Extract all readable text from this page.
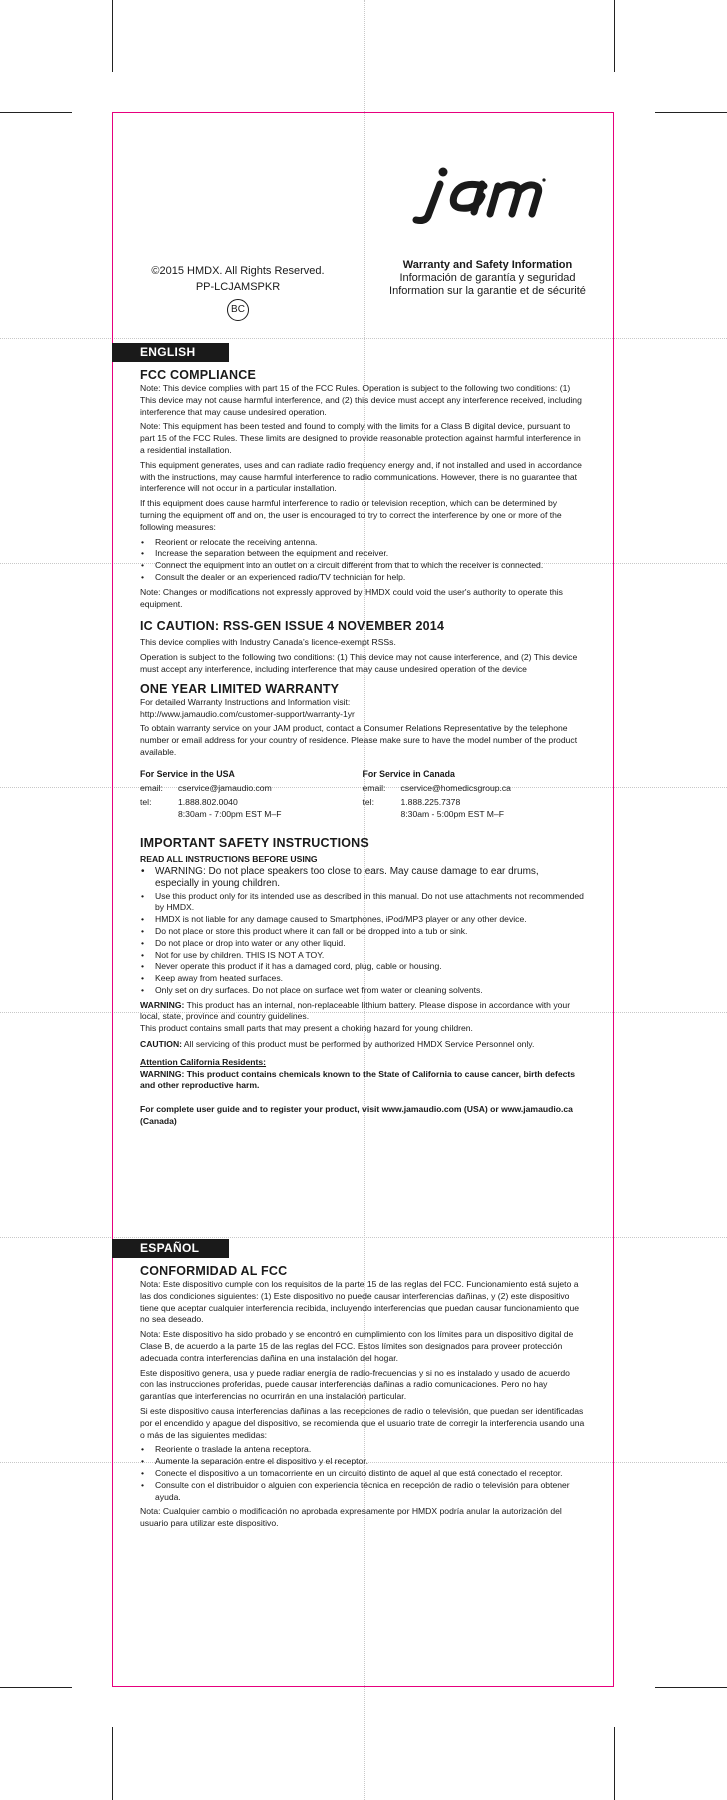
©2015 HMDX. All Rights Reserved.
PP-LCJAMSPKR
BC
Warranty and Safety Information
Información de garantía y seguridad
Information sur la garantie et de sécurité
ENGLISH
FCC COMPLIANCE

Note: This device complies with part 15 of the FCC Rules. Operation is subject to the following two conditions: (1) This device may not cause harmful interference, and (2) this device must accept any interference received, including interference that may cause undesired operation.

Note: This equipment has been tested and found to comply with the limits for a Class B digital device, pursuant to part 15 of the FCC Rules. These limits are designed to provide reasonable protection against harmful interference in a residential installation.

This equipment generates, uses and can radiate radio frequency energy and, if not installed and used in accordance with the instructions, may cause harmful interference to radio communications. However, there is no guarantee that interference will not occur in a particular installation.

If this equipment does cause harmful interference to radio or television reception, which can be determined by turning the equipment off and on, the user is encouraged to try to correct the interference by one or more of the following measures:

• Reorient or relocate the receiving antenna.
• Increase the separation between the equipment and receiver.
• Connect the equipment into an outlet on a circuit different from that to which the receiver is connected.
• Consult the dealer or an experienced radio/TV technician for help.

Note: Changes or modifications not expressly approved by HMDX could void the user's authority to operate this equipment.

IC CAUTION: RSS-GEN ISSUE 4 NOVEMBER 2014

This device complies with Industry Canada’s licence-exempt RSSs.

Operation is subject to the following two conditions: (1) This device may not cause interference, and (2) This device must accept any interference, including interference that may cause undesired operation of the device

ONE YEAR LIMITED WARRANTY

For detailed Warranty Instructions and Information visit:

http://www.jamaudio.com/customer-support/warranty-1yr

To obtain warranty service on your JAM product, contact a Consumer Relations Representative by the telephone number or email address for your country of residence. Please make sure to have the model number of the product available.

For Service in the USA
email:	cservice@jamaudio.com
tel:	1.888.802.0040
8:30am - 7:00pm EST M–F
For Service in Canada
email:	cservice@homedicsgroup.ca
tel:	1.888.225.7378
8:30am - 5:00pm EST M–F
IMPORTANT SAFETY INSTRUCTIONS

READ ALL INSTRUCTIONS BEFORE USING

• WARNING: Do not place speakers too close to ears. May cause damage to ear drums, especially in young children.
• Use this product only for its intended use as described in this manual. Do not use attachments not recommended by HMDX.
• HMDX is not liable for any damage caused to Smartphones, iPod/MP3 player or any other device.
• Do not place or store this product where it can fall or be dropped into a tub or sink.
• Do not place or drop into water or any other liquid.
• Not for use by children. THIS IS NOT A TOY.
• Never operate this product if it has a damaged cord, plug, cable or housing.
• Keep away from heated surfaces.
• Only set on dry surfaces. Do not place on surface wet from water or cleaning solvents.

WARNING: This product has an internal, non-replaceable lithium battery. Please dispose in accordance with your local, state, province and country guidelines.

This product contains small parts that may present a choking hazard for young children.

CAUTION: All servicing of this product must be performed by authorized HMDX Service Personnel only.

Attention California Residents:

WARNING: This product contains chemicals known to the State of California to cause cancer, birth defects and other reproductive harm.

For complete user guide and to register your product, visit www.jamaudio.com (USA) or www.jamaudio.ca (Canada)

ESPAÑOL
CONFORMIDAD AL FCC

Nota: Este dispositivo cumple con los requisitos de la parte 15 de las reglas del FCC. Funcionamiento está sujeto a las dos condiciones siguientes: (1) Este dispositivo no puede causar interferencias dañinas, y (2) este dispositivo tiene que aceptar cualquier interferencia recibida, incluyendo interferencias que puedan causar funcionamiento que no sea deseado.

Nota: Este dispositivo ha sido probado y se encontró en cumplimiento con los límites para un dispositivo digital de Clase B, de acuerdo a la parte 15 de las reglas del FCC. Estos límites son designados para proveer protección adecuada contra interferencias dañina en una instalación del hogar.

Este dispositivo genera, usa y puede radiar energía de radio-frecuencias y si no es instalado y usado de acuerdo con las instrucciones proferidas, puede causar interferencias dañinas a radio comunicaciones. Pero no hay garantías que interferencias no ocurrirán en una instalación particular.

Si este dispositivo causa interferencias dañinas a las recepciones de radio o televisión, que puedan ser identificadas por el encendido y apague del dispositivo, se recomienda que el usuario trate de corregir la interferencia usando una o más de las siguientes medidas:

• Reoriente o traslade la antena receptora.
• Aumente la separación entre el dispositivo y el receptor.
• Conecte el dispositivo a un tomacorriente en un circuito distinto de aquel al que está conectado el receptor.
• Consulte con el distribuidor o alguien con experiencia técnica en recepción de radio o televisión para obtener ayuda.

Nota: Cualquier cambio o modificación no aprobada expresamente por HMDX podría anular la autorización del usuario para utilizar este dispositivo.
